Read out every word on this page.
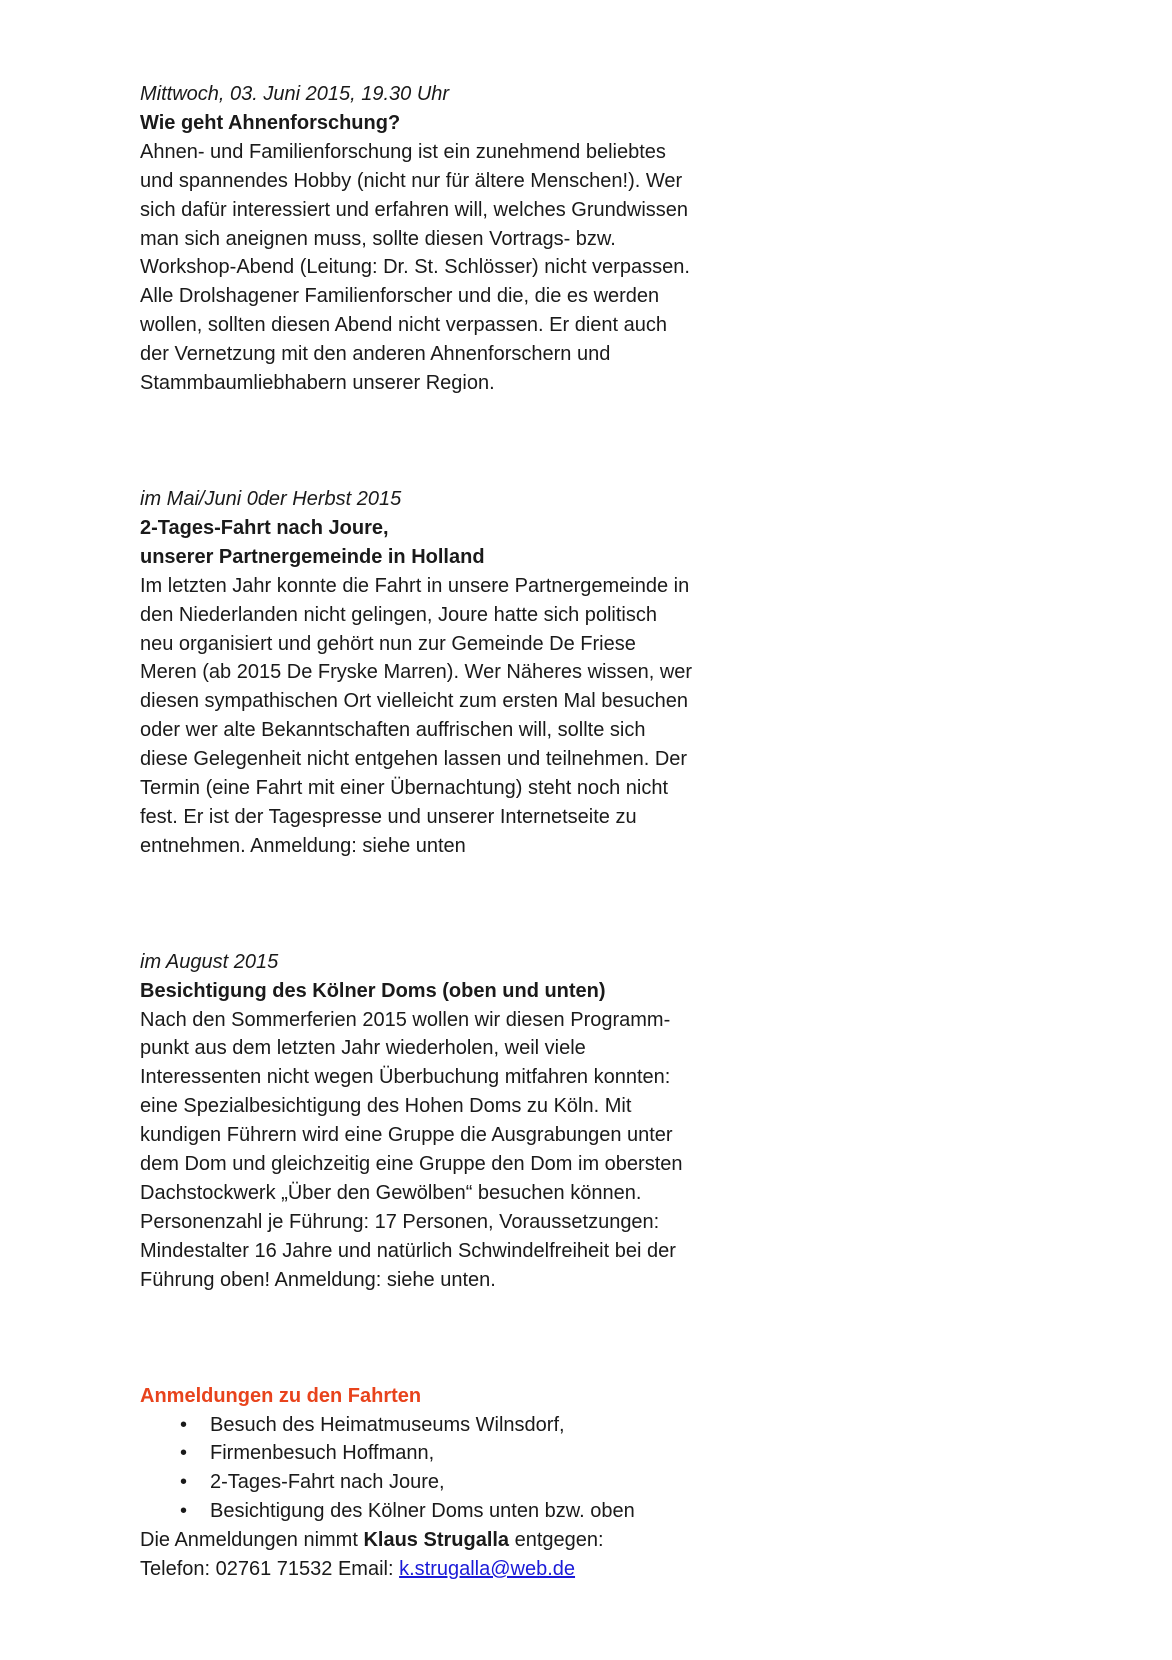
Mittwoch, 03. Juni 2015, 19.30 Uhr
Wie geht Ahnenforschung?
Ahnen- und Familienforschung ist ein zunehmend beliebtes
und spannendes Hobby (nicht nur für ältere Menschen!). Wer
sich dafür interessiert und erfahren will, welches Grundwissen
man sich aneignen muss, sollte diesen Vortrags- bzw.
Workshop-Abend (Leitung: Dr. St. Schlösser) nicht verpassen.
Alle Drolshagener Familienforscher und die, die es werden
wollen, sollten diesen Abend nicht verpassen. Er dient auch
der Vernetzung mit den anderen Ahnenforschern und
Stammbaumliebhabern unserer Region.
im Mai/Juni 0der Herbst 2015
2-Tages-Fahrt nach Joure,
unserer Partnergemeinde in Holland
Im letzten Jahr konnte die Fahrt in unsere Partnergemeinde in
den Niederlanden nicht gelingen, Joure hatte sich politisch
neu organisiert und gehört nun zur Gemeinde De Friese
Meren (ab 2015 De Fryske Marren). Wer Näheres wissen, wer
diesen sympathischen Ort vielleicht zum ersten Mal besuchen
oder wer alte Bekanntschaften auffrischen will, sollte sich
diese Gelegenheit nicht entgehen lassen und teilnehmen. Der
Termin (eine Fahrt mit einer Übernachtung) steht noch nicht
fest. Er ist der Tagespresse und unserer Internetseite zu
entnehmen. Anmeldung: siehe unten
im August 2015
Besichtigung des Kölner Doms (oben und unten)
Nach den Sommerferien 2015 wollen wir diesen Programm-
punkt aus dem letzten Jahr wiederholen, weil viele
Interessenten nicht wegen Überbuchung mitfahren konnten:
eine Spezialbesichtigung des Hohen Doms zu Köln. Mit
kundigen Führern wird eine Gruppe die Ausgrabungen unter
dem Dom und gleichzeitig eine Gruppe den Dom im obersten
Dachstockwerk „Über den Gewölben“ besuchen können.
Personenzahl je Führung: 17 Personen, Voraussetzungen:
Mindestalter 16 Jahre und natürlich Schwindelfreiheit bei der
Führung oben! Anmeldung: siehe unten.
Anmeldungen zu den Fahrten
• Besuch des Heimatmuseums Wilnsdorf,
• Firmenbesuch Hoffmann,
• 2-Tages-Fahrt nach Joure,
• Besichtigung des Kölner Doms unten bzw. oben
Die Anmeldungen nimmt Klaus Strugalla entgegen:
Telefon: 02761 71532 Email: k.strugalla@web.de
